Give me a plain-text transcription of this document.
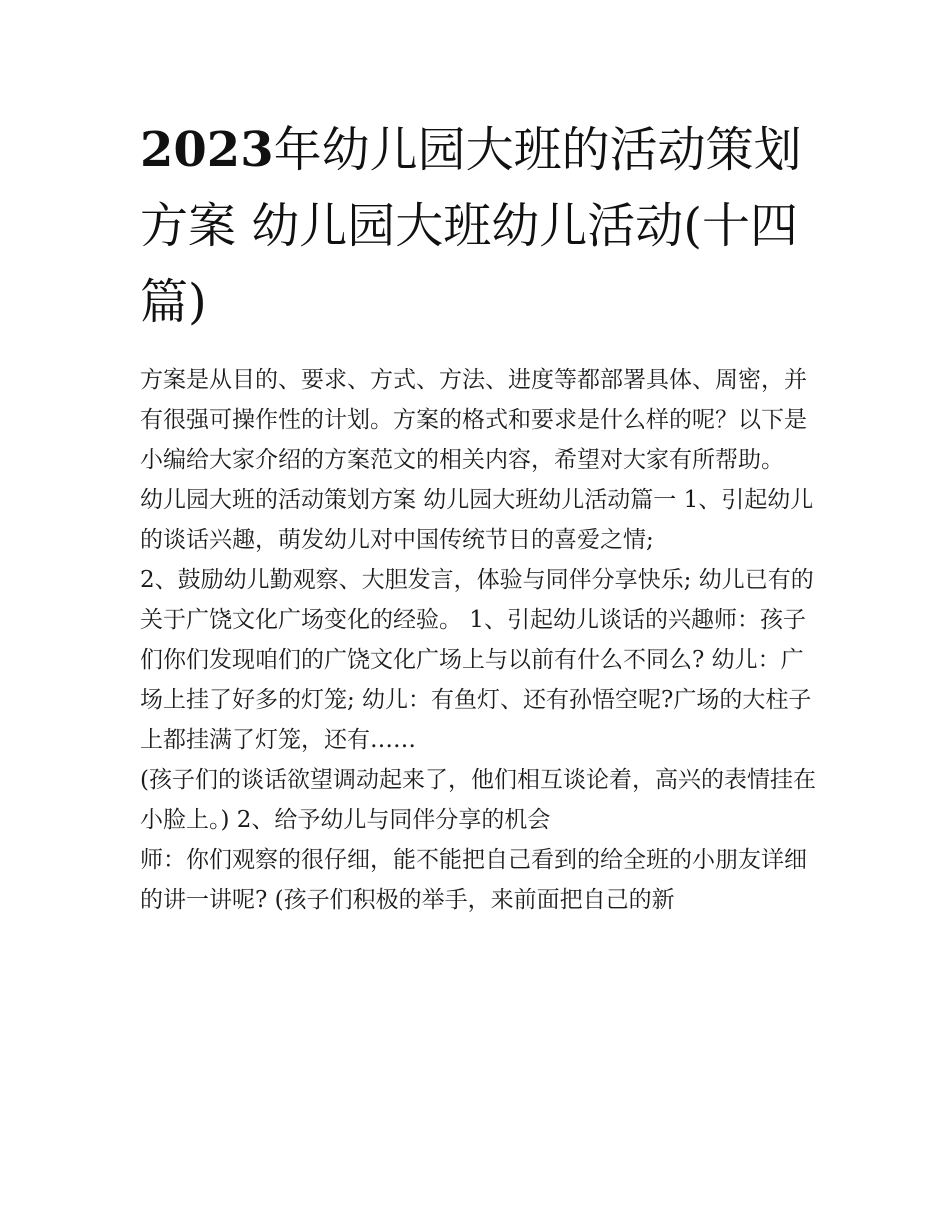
2023年幼儿园大班的活动策划方案 幼儿园大班幼儿活动(十四篇)

方案是从目的、要求、方式、方法、进度等都部署具体、周密，并有很强可操作性的计划。方案的格式和要求是什么样的呢？以下是小编给大家介绍的方案范文的相关内容，希望对大家有所帮助。

幼儿园大班的活动策划方案 幼儿园大班幼儿活动篇一 1、引起幼儿的谈话兴趣，萌发幼儿对中国传统节日的喜爱之情;

2、鼓励幼儿勤观察、大胆发言，体验与同伴分享快乐; 幼儿已有的关于广饶文化广场变化的经验。 1、引起幼儿谈话的兴趣师：孩子们你们发现咱们的广饶文化广场上与以前有什么不同么? 幼儿：广场上挂了好多的灯笼; 幼儿：有鱼灯、还有孙悟空呢?广场的大柱子上都挂满了灯笼，还有……

(孩子们的谈话欲望调动起来了，他们相互谈论着，高兴的表情挂在小脸上。) 2、给予幼儿与同伴分享的机会

师：你们观察的很仔细，能不能把自己看到的给全班的小朋友详细的讲一讲呢? (孩子们积极的举手，来前面把自己的新
